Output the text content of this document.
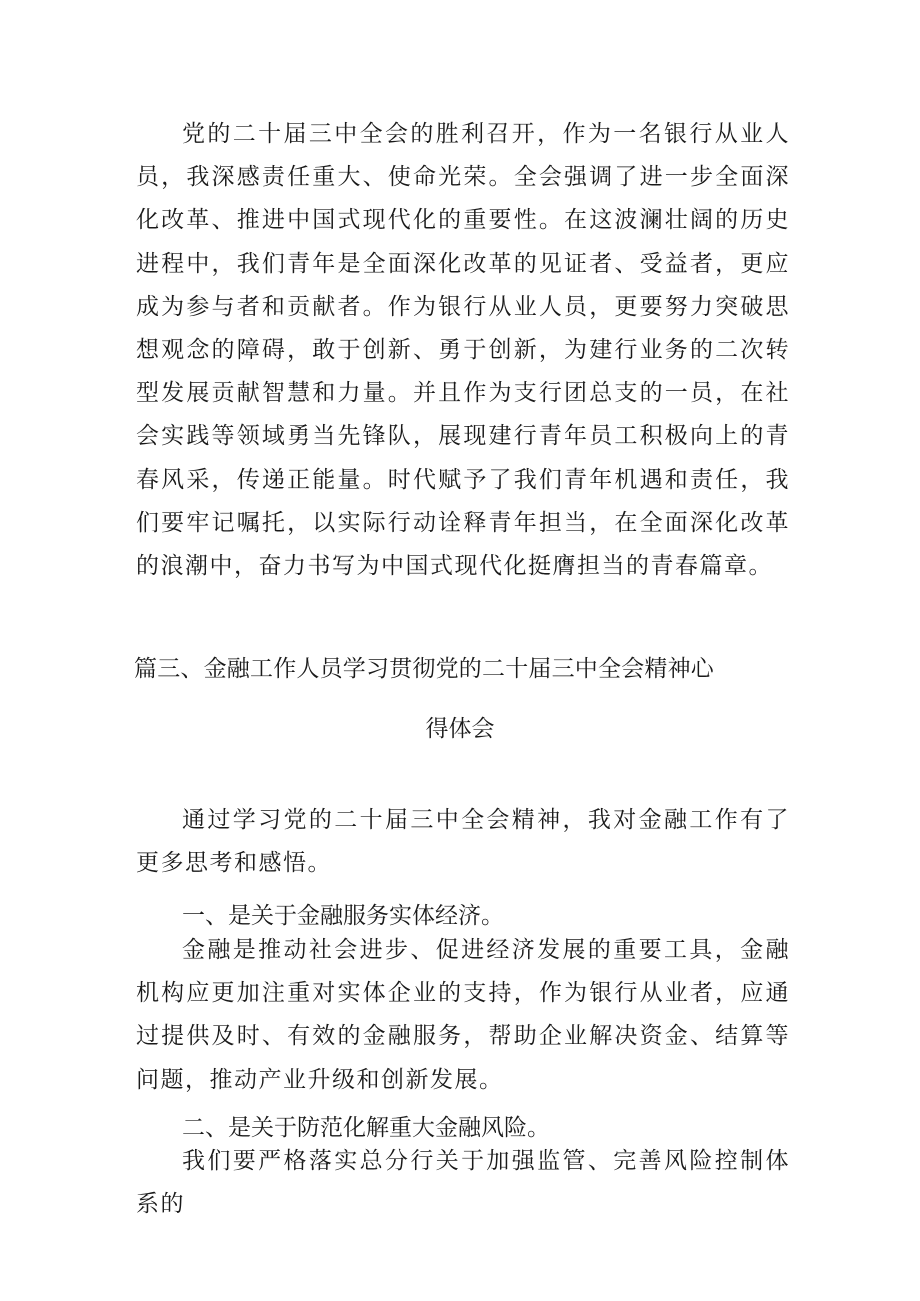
党的二十届三中全会的胜利召开，作为一名银行从业人员，我深感责任重大、使命光荣。全会强调了进一步全面深化改革、推进中国式现代化的重要性。在这波澜壮阔的历史进程中，我们青年是全面深化改革的见证者、受益者，更应成为参与者和贡献者。作为银行从业人员，更要努力突破思想观念的障碍，敢于创新、勇于创新，为建行业务的二次转型发展贡献智慧和力量。并且作为支行团总支的一员，在社会实践等领域勇当先锋队，展现建行青年员工积极向上的青春风采，传递正能量。时代赋予了我们青年机遇和责任，我们要牢记嘱托，以实际行动诠释青年担当，在全面深化改革的浪潮中，奋力书写为中国式现代化挺膺担当的青春篇章。

篇三、金融工作人员学习贯彻党的二十届三中全会精神心

得体会

通过学习党的二十届三中全会精神，我对金融工作有了更多思考和感悟。

一、是关于金融服务实体经济。

金融是推动社会进步、促进经济发展的重要工具，金融机构应更加注重对实体企业的支持，作为银行从业者，应通过提供及时、有效的金融服务，帮助企业解决资金、结算等问题，推动产业升级和创新发展。

二、是关于防范化解重大金融风险。

我们要严格落实总分行关于加强监管、完善风险控制体系的
